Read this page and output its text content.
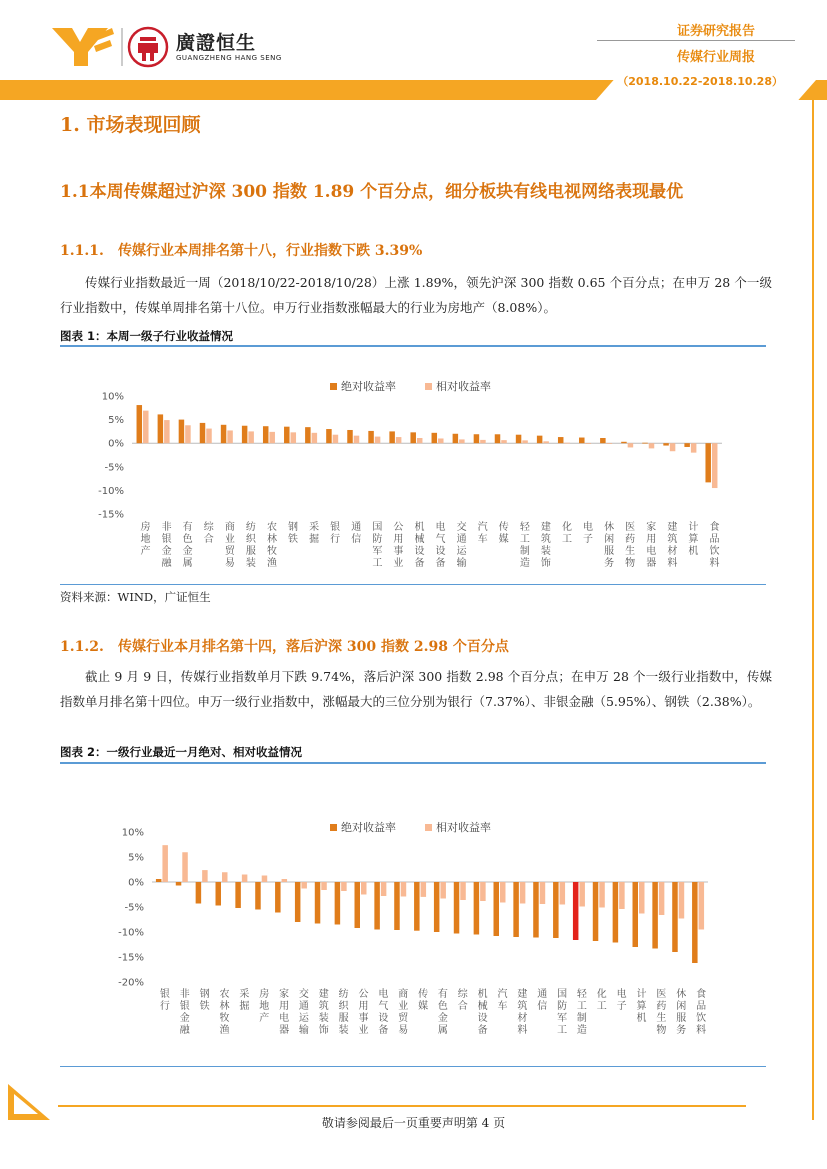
廣證恒生
GUANGZHENG HANG SENG
证券研究报告
传媒行业周报
（2018.10.22-2018.10.28）
1. 市场表现回顾
1.1本周传媒超过沪深 300 指数 1.89 个百分点，细分板块有线电视网络表现最优
1.1.1. 传媒行业本周排名第十八，行业指数下跌 3.39%
传媒行业指数最近一周（2018/10/22-2018/10/28）上涨 1.89%，领先沪深 300 指数 0.65 个百分点；在申万 28 个一级行业指数中，传媒单周排名第十八位。申万行业指数涨幅最大的行业为房地产（8.08%）。
图表 1：本周一级子行业收益情况
10%
5%
0%
-5%
-10%
-15%
房地产
非银金融
有色金属
综合
商业贸易
纺织服装
农林牧渔
钢铁
采掘
银行
通信
国防军工
公用事业
机械设备
电气设备
交通运输
汽车
传媒
轻工制造
建筑装饰
化工
电子
休闲服务
医药生物
家用电器
建筑材料
计算机
食品饮料
绝对收益率	相对收益率
资料来源：WIND，广证恒生
1.1.2. 传媒行业本月排名第十四，落后沪深 300 指数 2.98 个百分点
截止 9 月 9 日，传媒行业指数单月下跌 9.74%，落后沪深 300 指数 2.98 个百分点；在申万 28 个一级行业指数中，传媒指数单月排名第十四位。申万一级行业指数中，涨幅最大的三位分别为银行（7.37%）、非银金融（5.95%）、钢铁（2.38%）。
图表 2：一级行业最近一月绝对、相对收益情况
10%
5%
0%
-5%
-10%
-15%
-20%
银行
非银金融
钢铁
农林牧渔
采掘
房地产
家用电器
交通运输
建筑装饰
纺织服装
公用事业
电气设备
商业贸易
传媒
有色金属
综合
机械设备
汽车
建筑材料
通信
国防军工
轻工制造
化工
电子
计算机
医药生物
休闲服务
食品饮料
绝对收益率	相对收益率
敬请参阅最后一页重要声明第 4 页
